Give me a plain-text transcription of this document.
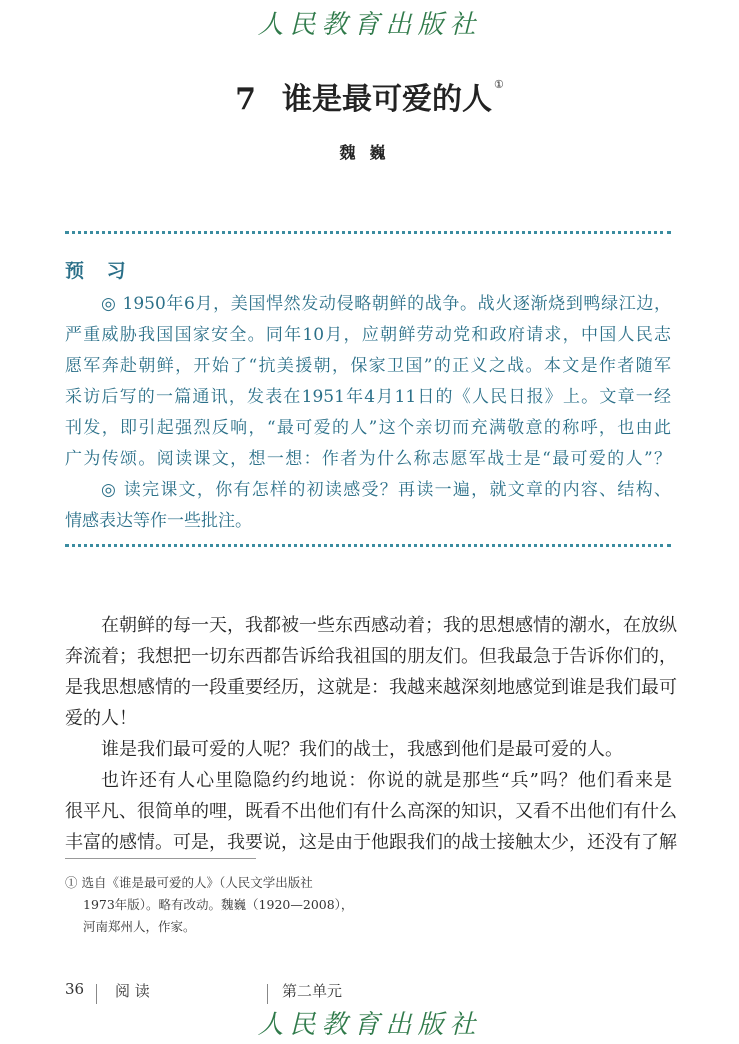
人民教育出版社
7 谁是最可爱的人 ①
魏巍
预 习
◎ 1950年6月，美国悍然发动侵略朝鲜的战争。战火逐渐烧到鸭绿江边，
严重威胁我国国家安全。同年10月，应朝鲜劳动党和政府请求，中国人民志
愿军奔赴朝鲜，开始了“抗美援朝，保家卫国”的正义之战。本文是作者随军
采访后写的一篇通讯，发表在1951年4月11日的《人民日报》上。文章一经
刊发，即引起强烈反响，“最可爱的人”这个亲切而充满敬意的称呼，也由此
广为传颂。阅读课文，想一想：作者为什么称志愿军战士是“最可爱的人”？
◎ 读完课文，你有怎样的初读感受？再读一遍，就文章的内容、结构、
情感表达等作一些批注。
在朝鲜的每一天，我都被一些东西感动着；我的思想感情的潮水，在放纵
奔流着；我想把一切东西都告诉给我祖国的朋友们。但我最急于告诉你们的，
是我思想感情的一段重要经历，这就是：我越来越深刻地感觉到谁是我们最可
爱的人！
谁是我们最可爱的人呢？我们的战士，我感到他们是最可爱的人。
也许还有人心里隐隐约约地说：你说的就是那些“兵”吗？他们看来是
很平凡、很简单的哩，既看不出他们有什么高深的知识，又看不出他们有什么
丰富的感情。可是，我要说，这是由于他跟我们的战士接触太少，还没有了解
① 选自《谁是最可爱的人》（人民文学出版社
1973年版）。略有改动。魏巍（1920—2008），
河南郑州人，作家。
36 阅 读	第二单元
人民教育出版社
